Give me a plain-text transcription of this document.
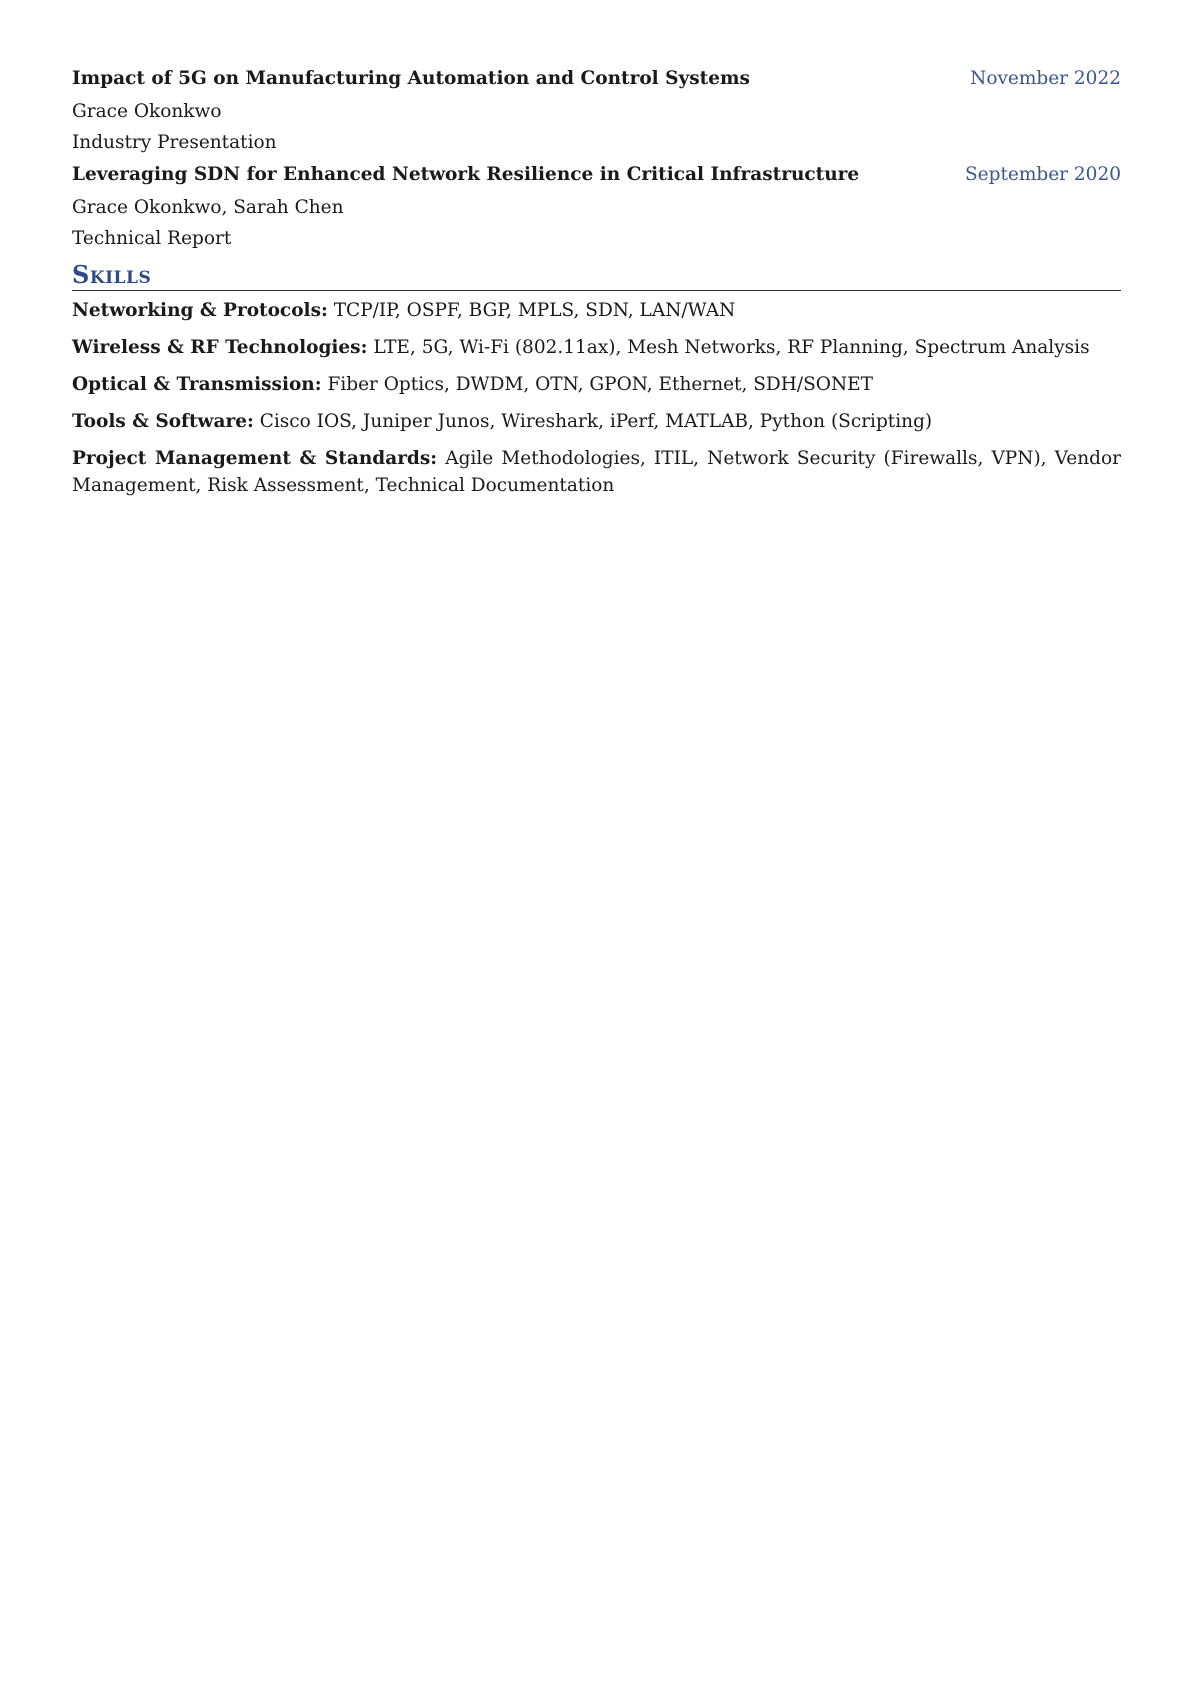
Impact of 5G on Manufacturing Automation and Control Systems	November 2022
Grace Okonkwo
Industry Presentation
Leveraging SDN for Enhanced Network Resilience in Critical Infrastructure	September 2020
Grace Okonkwo, Sarah Chen
Technical Report
Skills

Networking & Protocols: TCP/IP, OSPF, BGP, MPLS, SDN, LAN/WAN

Wireless & RF Technologies: LTE, 5G, Wi-Fi (802.11ax), Mesh Networks, RF Planning, Spectrum Analysis

Optical & Transmission: Fiber Optics, DWDM, OTN, GPON, Ethernet, SDH/SONET

Tools & Software: Cisco IOS, Juniper Junos, Wireshark, iPerf, MATLAB, Python (Scripting)

Project Management & Standards: Agile Methodologies, ITIL, Network Security (Firewalls, VPN), Vendor Management, Risk Assessment, Technical Documentation
